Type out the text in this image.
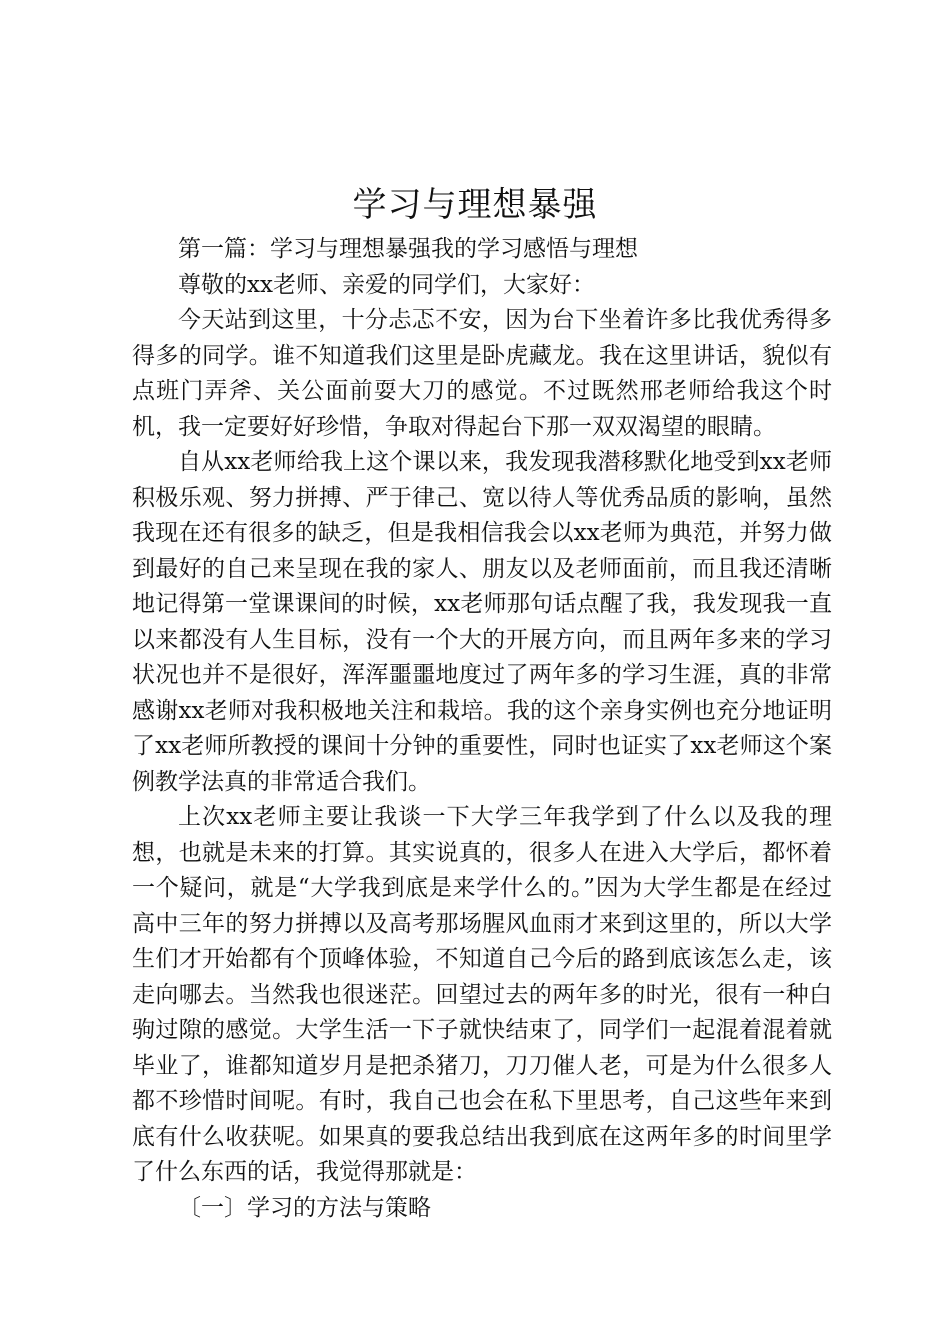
学习与理想暴强

第一篇：学习与理想暴强我的学习感悟与理想

尊敬的xx老师、亲爱的同学们，大家好：

今天站到这里，十分忐忑不安，因为台下坐着许多比我优秀得多得多的同学。谁不知道我们这里是卧虎藏龙。我在这里讲话，貌似有点班门弄斧、关公面前耍大刀的感觉。不过既然邢老师给我这个时机，我一定要好好珍惜，争取对得起台下那一双双渴望的眼睛。

自从xx老师给我上这个课以来，我发现我潜移默化地受到xx老师积极乐观、努力拼搏、严于律己、宽以待人等优秀品质的影响，虽然我现在还有很多的缺乏，但是我相信我会以xx老师为典范，并努力做到最好的自己来呈现在我的家人、朋友以及老师面前，而且我还清晰地记得第一堂课课间的时候，xx老师那句话点醒了我，我发现我一直以来都没有人生目标，没有一个大的开展方向，而且两年多来的学习状况也并不是很好，浑浑噩噩地度过了两年多的学习生涯，真的非常感谢xx老师对我积极地关注和栽培。我的这个亲身实例也充分地证明了xx老师所教授的课间十分钟的重要性，同时也证实了xx老师这个案例教学法真的非常适合我们。

上次xx老师主要让我谈一下大学三年我学到了什么以及我的理想，也就是未来的打算。其实说真的，很多人在进入大学后，都怀着一个疑问，就是“大学我到底是来学什么的。”因为大学生都是在经过高中三年的努力拼搏以及高考那场腥风血雨才来到这里的，所以大学生们才开始都有个顶峰体验，不知道自己今后的路到底该怎么走，该走向哪去。当然我也很迷茫。回望过去的两年多的时光，很有一种白驹过隙的感觉。大学生活一下子就快结束了，同学们一起混着混着就毕业了，谁都知道岁月是把杀猪刀，刀刀催人老，可是为什么很多人都不珍惜时间呢。有时，我自己也会在私下里思考，自己这些年来到底有什么收获呢。如果真的要我总结出我到底在这两年多的时间里学了什么东西的话，我觉得那就是：

〔一〕学习的方法与策略
